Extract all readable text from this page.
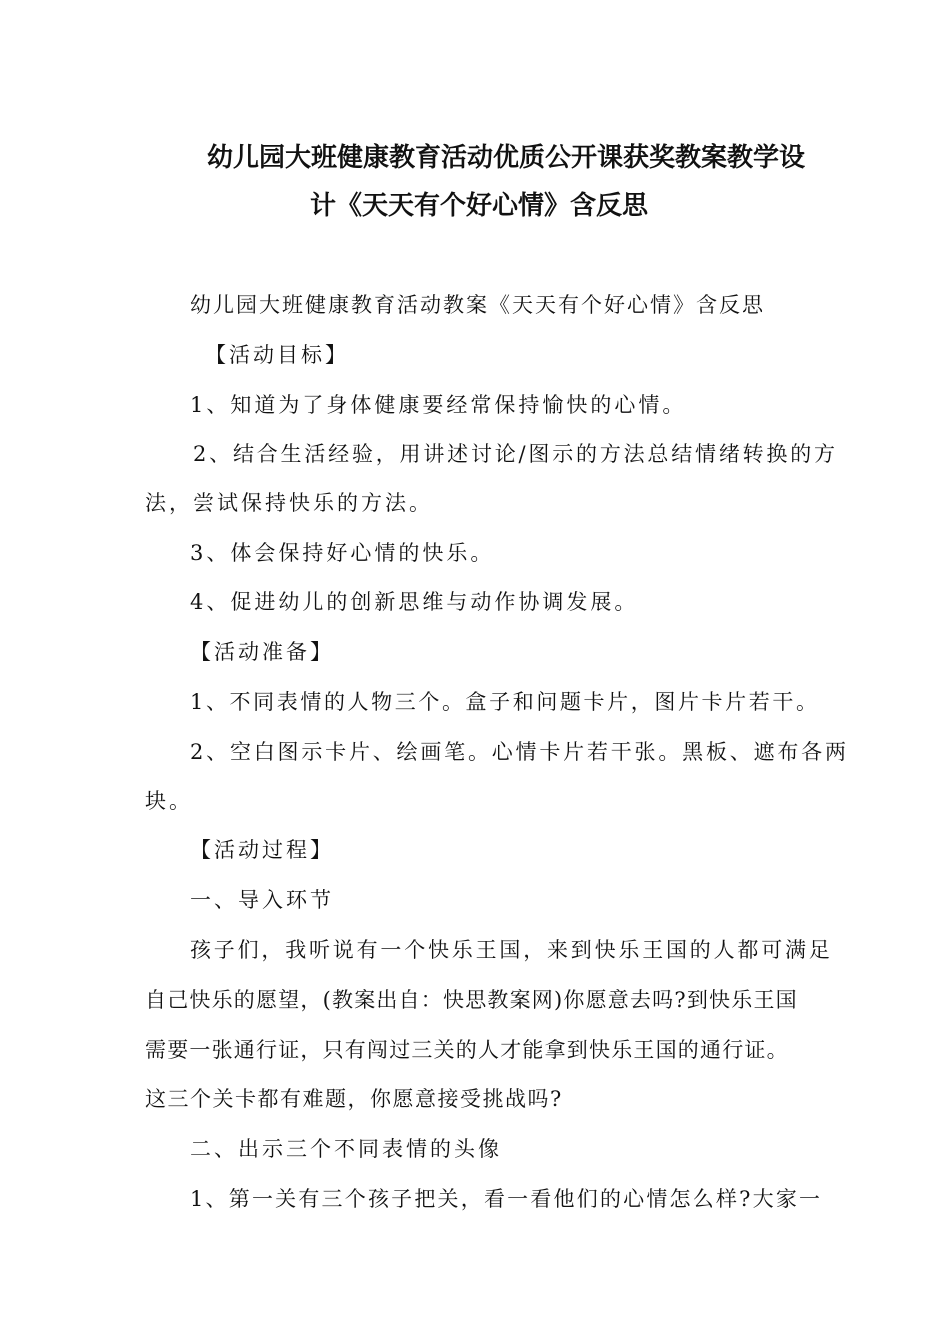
幼儿园大班健康教育活动优质公开课获奖教案教学设
计《天天有个好心情》含反思
幼儿园大班健康教育活动教案《天天有个好心情》含反思
【活动目标】
1、知道为了身体健康要经常保持愉快的心情。
2、结合生活经验，用讲述讨论/图示的方法总结情绪转换的方
法，尝试保持快乐的方法。
3、体会保持好心情的快乐。
4、促进幼儿的创新思维与动作协调发展。
【活动准备】
1、不同表情的人物三个。盒子和问题卡片，图片卡片若干。
2、空白图示卡片、绘画笔。心情卡片若干张。黑板、遮布各两
块。
【活动过程】
一、导入环节
孩子们，我听说有一个快乐王国，来到快乐王国的人都可满足
自己快乐的愿望，(教案出自：快思教案网)你愿意去吗?到快乐王国
需要一张通行证，只有闯过三关的人才能拿到快乐王国的通行证。
这三个关卡都有难题，你愿意接受挑战吗?
二、出示三个不同表情的头像
1、第一关有三个孩子把关，看一看他们的心情怎么样?大家一
